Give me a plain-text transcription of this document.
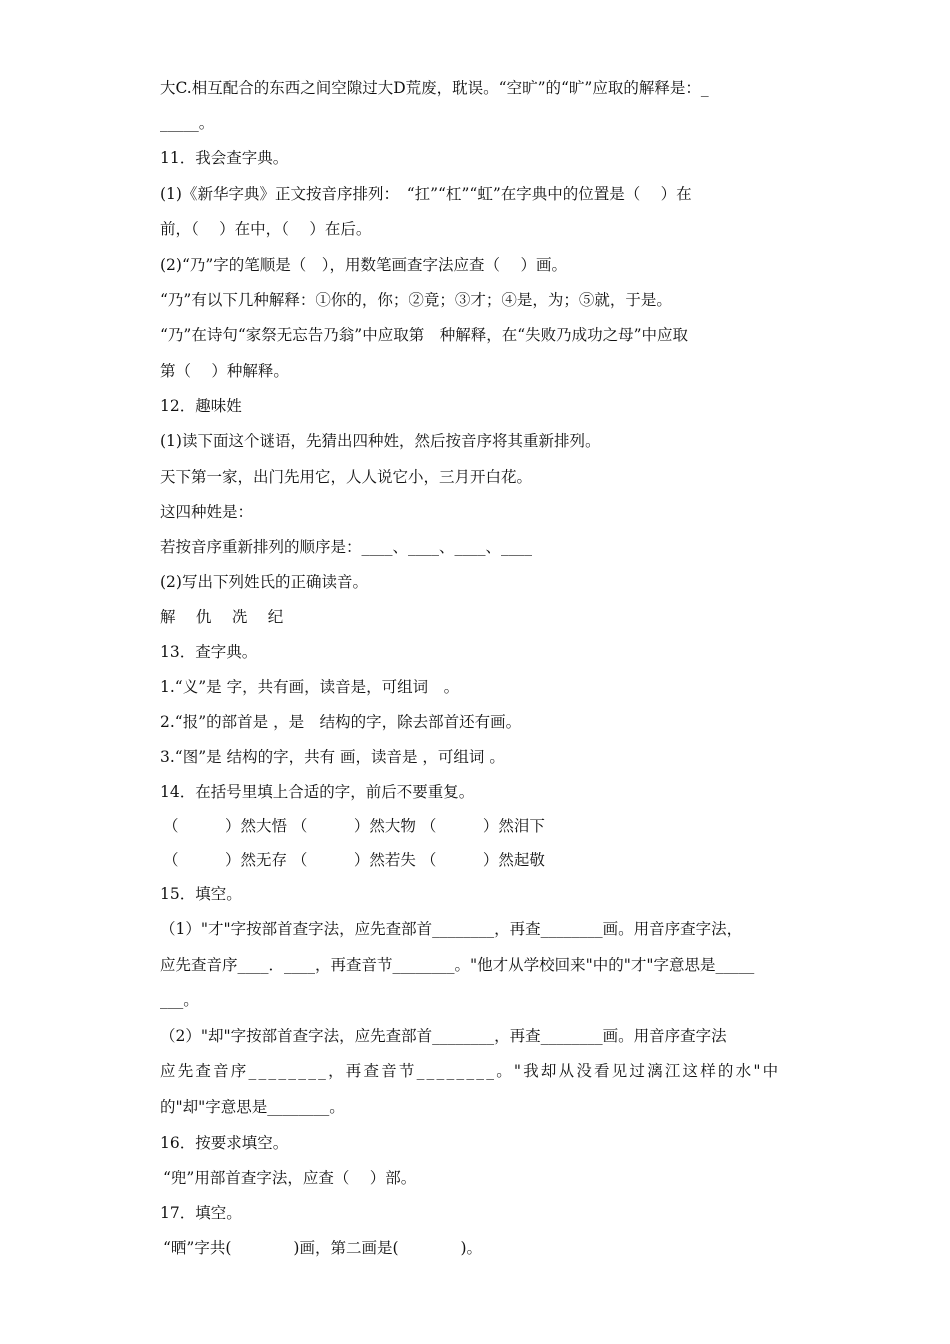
大C.相互配合的东西之间空隙过大D荒废，耽误。“空旷”的“旷”应取的解释是：_
_____。
11．我会查字典。
(1)《新华字典》正文按音序排列：　“扛”“杠”“虹”在字典中的位置是（　 ）在
前，（　 ）在中，（　 ）在后。
(2)“乃”字的笔顺是（　），用数笔画查字法应查（　 ）画。
“乃”有以下几种解释：①你的，你；②竟；③才；④是，为；⑤就，于是。
“乃”在诗句“家祭无忘告乃翁”中应取第　种解释，在“失败乃成功之母”中应取
第（　 ）种解释。
12．趣味姓
(1)读下面这个谜语，先猜出四种姓，然后按音序将其重新排列。
天下第一家，出门先用它，人人说它小，三月开白花。
这四种姓是：
若按音序重新排列的顺序是：____、____、____、____
(2)写出下列姓氏的正确读音。
解　 仇　 冼　 纪
13．查字典。
1.“义”是 字，共有画，读音是，可组词　。
2.“报”的部首是 ，是　结构的字，除去部首还有画。
3.“图”是 结构的字，共有 画，读音是 ，可组词 。
14．在括号里填上合适的字，前后不要重复。
（　　　）然大悟 （　　　）然大物 （　　　）然泪下
（　　　）然无存 （　　　）然若失 （　　　）然起敬
15．填空。
（1）"才"字按部首查字法，应先查部首________，再查________画。用音序查字法，
应先查音序____．____，再查音节________。"他才从学校回来"中的"才"字意思是_____
___。
（2）"却"字按部首查字法，应先查部首________，再查________画。用音序查字法
应先查音序________，再查音节________。"我却从没看见过漓江这样的水"中
的"却"字意思是________。
16．按要求填空。
“兜”用部首查字法，应查（　 ）部。
17．填空。
“晒”字共(　　　　)画，第二画是(　　　　)。
